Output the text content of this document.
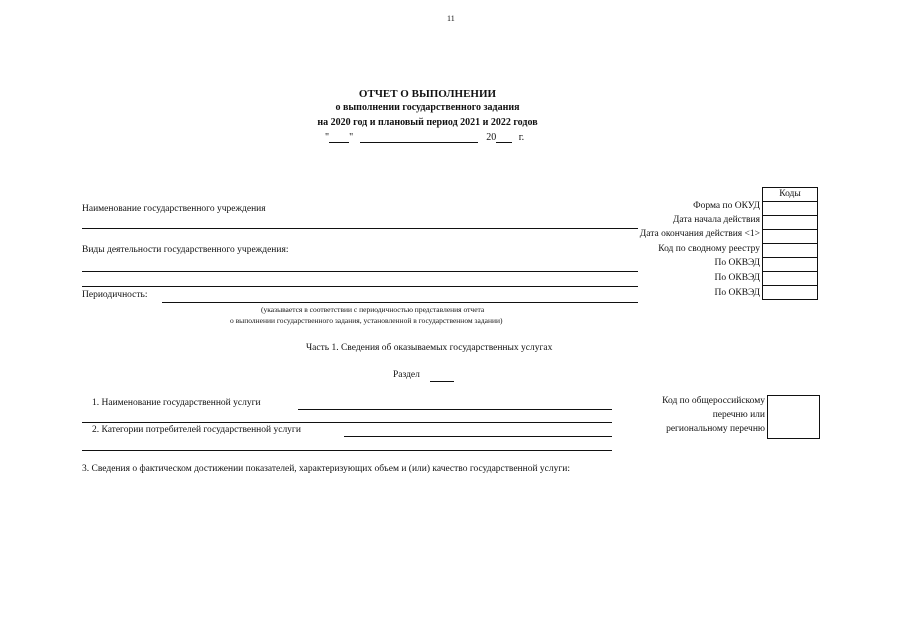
11
ОТЧЕТ О ВЫПОЛНЕНИИ
о выполнении государственного задания
на 2020 год и плановый период 2021 и 2022 годов
" "	20 г.
Наименование государственного учреждения
Виды деятельности государственного учреждения:
Периодичность:
(указывается в соответствии с периодичностью представления отчета
о выполнении государственного задания, установленной в государственном задании)
Форма по ОКУД
Дата начала действия
Дата окончания действия <1>
Код по сводному реестру
По ОКВЭД
По ОКВЭД
По ОКВЭД
Коды

Часть 1. Сведения об оказываемых государственных услугах
Раздел
1. Наименование государственной услуги
2. Категории потребителей государственной услуги
Код по общероссийскому
перечню или
региональному перечню
3. Сведения о фактическом достижении показателей, характеризующих объем и (или) качество государственной услуги:
